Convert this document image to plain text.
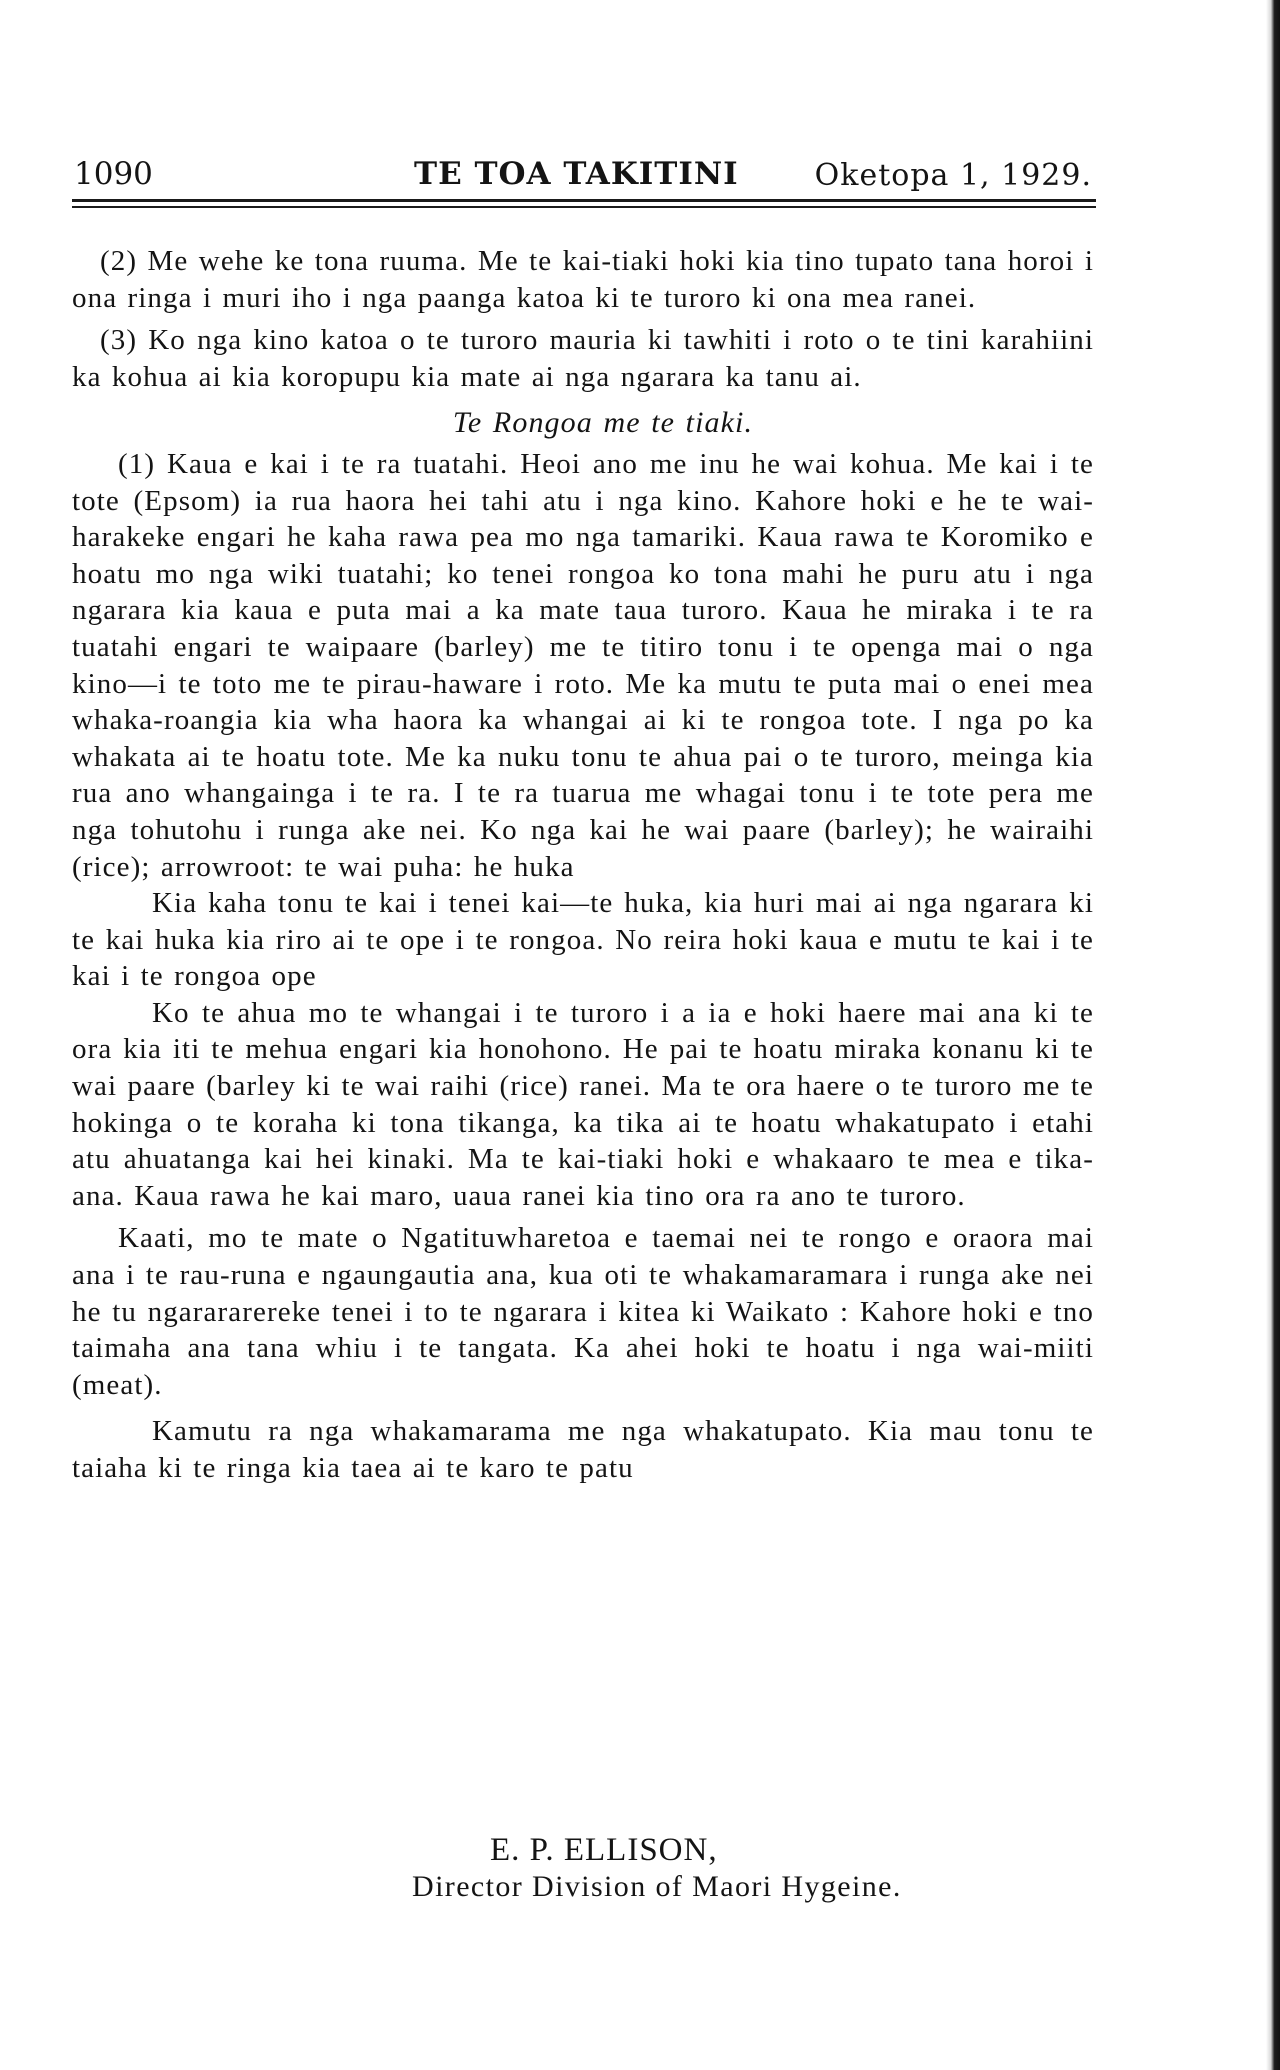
1090	TE TOA TAKITINI	Oketopa 1, 1929.

(2) Me wehe ke tona ruuma. Me te kai-tiaki hoki kia tino tupato tana horoi i ona ringa i muri iho i nga paanga katoa ki te turoro ki ona mea ranei.

(3) Ko nga kino katoa o te turoro mauria ki tawhiti i roto o te tini karahiini ka kohua ai kia koropupu kia mate ai nga ngarara ka tanu ai.

Te Rongoa me te tiaki.

(1) Kaua e kai i te ra tuatahi. Heoi ano me inu he wai kohua. Me kai i te tote (Epsom) ia rua haora hei tahi atu i nga kino. Kahore hoki e he te wai-harakeke engari he kaha rawa pea mo nga tamariki. Kaua rawa te Koromiko e hoatu mo nga wiki tuatahi; ko tenei rongoa ko tona mahi he puru atu i nga ngarara kia kaua e puta mai a ka mate taua turoro. Kaua he miraka i te ra tuatahi engari te waipaare (barley) me te titiro tonu i te openga mai o nga kino—i te toto me te pirau-haware i roto. Me ka mutu te puta mai o enei mea whaka-roangia kia wha haora ka whangai ai ki te rongoa tote. I nga po ka whakata ai te hoatu tote. Me ka nuku tonu te ahua pai o te turoro, meinga kia rua ano whangainga i te ra. I te ra tuarua me whagai tonu i te tote pera me nga tohutohu i runga ake nei. Ko nga kai he wai paare (barley); he wairaihi (rice); arrowroot: te wai puha: he huka

Kia kaha tonu te kai i tenei kai—te huka, kia huri mai ai nga ngarara ki te kai huka kia riro ai te ope i te rongoa. No reira hoki kaua e mutu te kai i te kai i te rongoa ope

Ko te ahua mo te whangai i te turoro i a ia e hoki haere mai ana ki te ora kia iti te mehua engari kia honohono. He pai te hoatu miraka konanu ki te wai paare (barley ki te wai raihi (rice) ranei. Ma te ora haere o te turoro me te hokinga o te koraha ki tona tikanga, ka tika ai te hoatu whakatupato i etahi atu ahuatanga kai hei kinaki. Ma te kai-tiaki hoki e whakaaro te mea e tika-ana. Kaua rawa he kai maro, uaua ranei kia tino ora ra ano te turoro.

Kaati, mo te mate o Ngatituwharetoa e taemai nei te rongo e oraora mai ana i te rau-runa e ngaungautia ana, kua oti te whakamaramara i runga ake nei he tu ngarararereke tenei i to te ngarara i kitea ki Waikato : Kahore hoki e tno taimaha ana tana whiu i te tangata. Ka ahei hoki te hoatu i nga wai-miiti (meat).

Kamutu ra nga whakamarama me nga whakatupato. Kia mau tonu te taiaha ki te ringa kia taea ai te karo te patu

E. P. ELLISON,
Director Division of Maori Hygeine.
